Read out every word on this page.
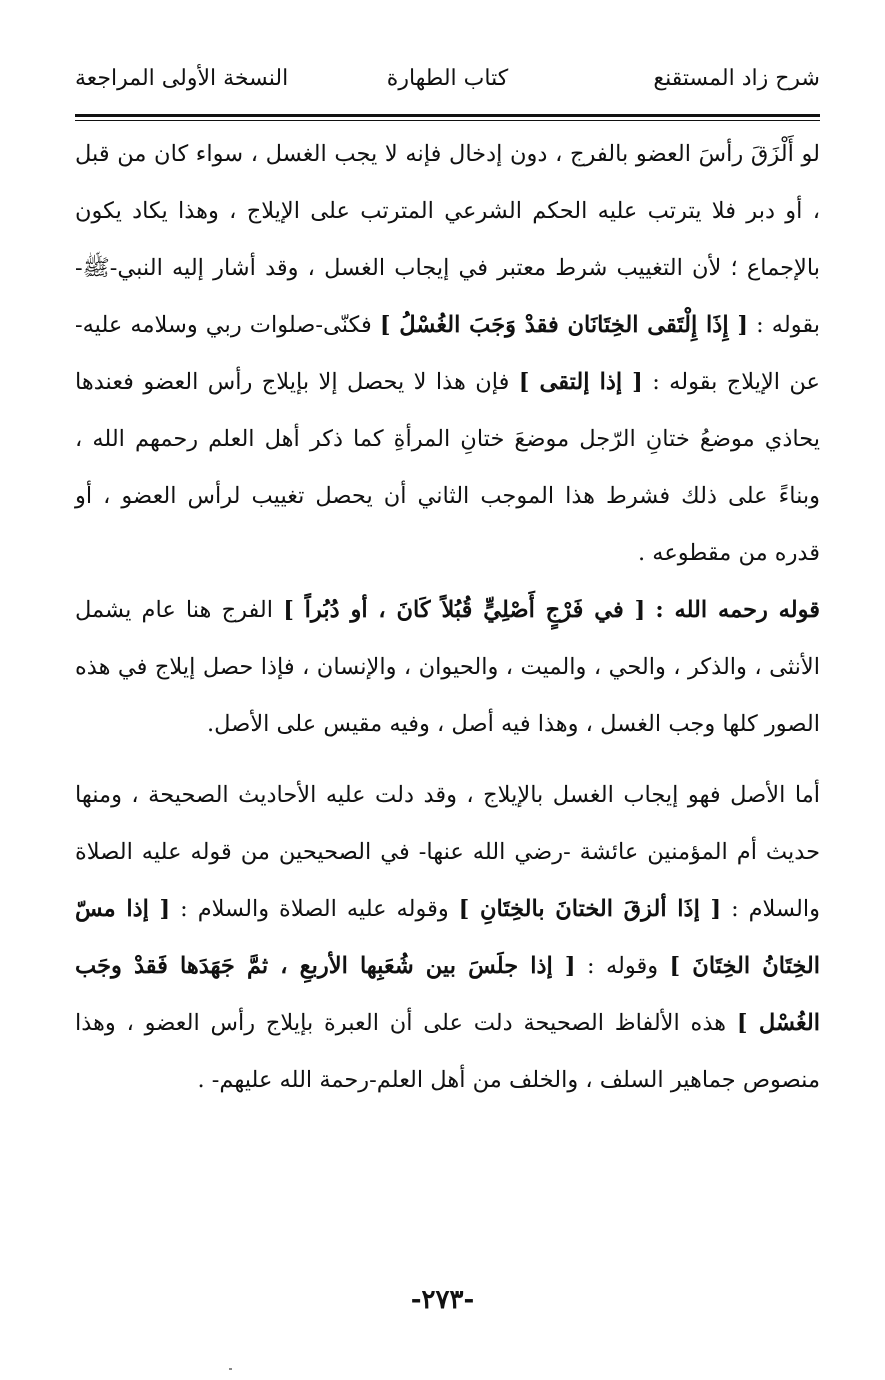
شرح زاد المستقنع
كتاب الطهارة
النسخة الأولى المراجعة

لو أَلْزَقَ رأسَ العضو بالفرج ، دون إدخال فإنه لا يجب الغسل ، سواء كان من قبل ، أو دبر فلا يترتب عليه الحكم الشرعي المترتب على الإيلاج ، وهذا يكاد يكون بالإجماع ؛ لأن التغييب شرط معتبر في إيجاب الغسل ، وقد أشار إليه النبي-ﷺ- بقوله : [ إِذَا إِلْتَقى الخِتَانَان فقدْ وَجَبَ الغُسْلُ ] فكنّى-صلوات ربي وسلامه عليه- عن الإيلاج بقوله : [ إذا إلتقى ] فإن هذا لا يحصل إلا بإيلاج رأس العضو فعندها يحاذي موضعُ ختانِ الرّجل موضعَ ختانِ المرأةِ كما ذكر أهل العلم رحمهم الله ، وبناءً على ذلك فشرط هذا الموجب الثاني أن يحصل تغييب لرأس العضو ، أو قدره من مقطوعه .

قوله رحمه الله : [ في فَرْجٍ أَصْلِيٍّ قُبُلاً كَانَ ، أو دُبُراً ] الفرج هنا عام يشمل الأنثى ، والذكر ، والحي ، والميت ، والحيوان ، والإنسان ، فإذا حصل إيلاج في هذه الصور كلها وجب الغسل ، وهذا فيه أصل ، وفيه مقيس على الأصل.

أما الأصل فهو إيجاب الغسل بالإيلاج ، وقد دلت عليه الأحاديث الصحيحة ، ومنها حديث أم المؤمنين عائشة -رضي الله عنها- في الصحيحين من قوله عليه الصلاة والسلام : [ إذَا ألزقَ الختانَ بالخِتَانِ ] وقوله عليه الصلاة والسلام : [ إذا مسّ الخِتَانُ الخِتَانَ ] وقوله : [ إذا جلَسَ بين شُعَبِها الأربعِ ، ثمَّ جَهَدَها فَقدْ وجَب الغُسْل ] هذه الألفاظ الصحيحة دلت على أن العبرة بإيلاج رأس العضو ، وهذا منصوص جماهير السلف ، والخلف من أهل العلم-رحمة الله عليهم- .

-٢٧٣-
